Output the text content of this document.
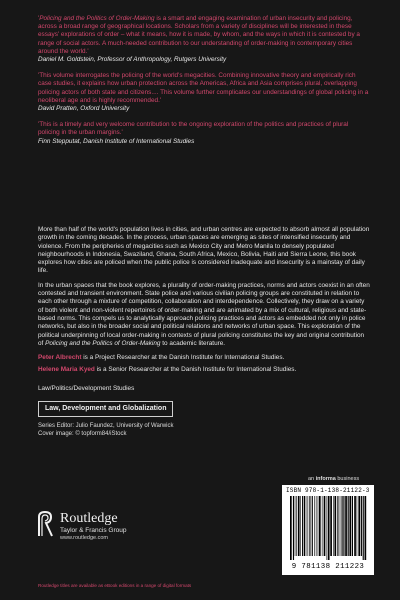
'Policing and the Politics of Order-Making is a smart and engaging examination of urban insecurity and policing, across a broad range of geographical locations. Scholars from a variety of disciplines will be interested in these essays' explorations of order – what it means, how it is made, by whom, and the ways in which it is contested by a range of social actors. A much-needed contribution to our understanding of order-making in contemporary cities around the world.'
Daniel M. Goldstein, Professor of Anthropology, Rutgers University
'This volume interrogates the policing of the world's megacities. Combining innovative theory and empirically rich case studies, it explains how urban protection across the Americas, Africa and Asia comprises plural, overlapping policing actors of both state and citizens.... This volume further complicates our understandings of global policing in a neoliberal age and is highly recommended.'
David Pratten, Oxford University
'This is a timely and very welcome contribution to the ongoing exploration of the politics and practices of plural policing in the urban margins.'
Finn Stepputat, Danish Institute of International Studies
More than half of the world's population lives in cities, and urban centres are expected to absorb almost all population growth in the coming decades. In the process, urban spaces are emerging as sites of intensified insecurity and violence. From the peripheries of megacities such as Mexico City and Metro Manila to densely populated neighbourhoods in Indonesia, Swaziland, Ghana, South Africa, Mexico, Bolivia, Haiti and Sierra Leone, this book explores how cities are policed when the public police is considered inadequate and insecurity is a mainstay of daily life.
In the urban spaces that the book explores, a plurality of order-making practices, norms and actors coexist in an often contested and transient environment. State police and various civilian policing groups are constituted in relation to each other through a mixture of competition, collaboration and interdependence. Collectively, they draw on a variety of both violent and non-violent repertoires of order-making and are animated by a mix of cultural, religious and state-based norms. This compels us to analytically approach policing practices and actors as embedded not only in police networks, but also in the broader social and political relations and networks of urban space. This exploration of the political underpinning of local order-making in contexts of plural policing constitutes the key and original contribution of Policing and the Politics of Order-Making to academic literature.
Peter Albrecht is a Project Researcher at the Danish Institute for International Studies.
Helene Maria Kyed is a Senior Researcher at the Danish Institute for International Studies.
Law/Politics/Development Studies
Law, Development and Globalization
Series Editor: Julio Faundez, University of Warwick
Cover image: © topform84/iStock
Routledge
Taylor & Francis Group
www.routledge.com
an informa business
ISBN 978-1-138-21122-3
9 781138 211223
Routledge titles are available as eBook editions in a range of digital formats
